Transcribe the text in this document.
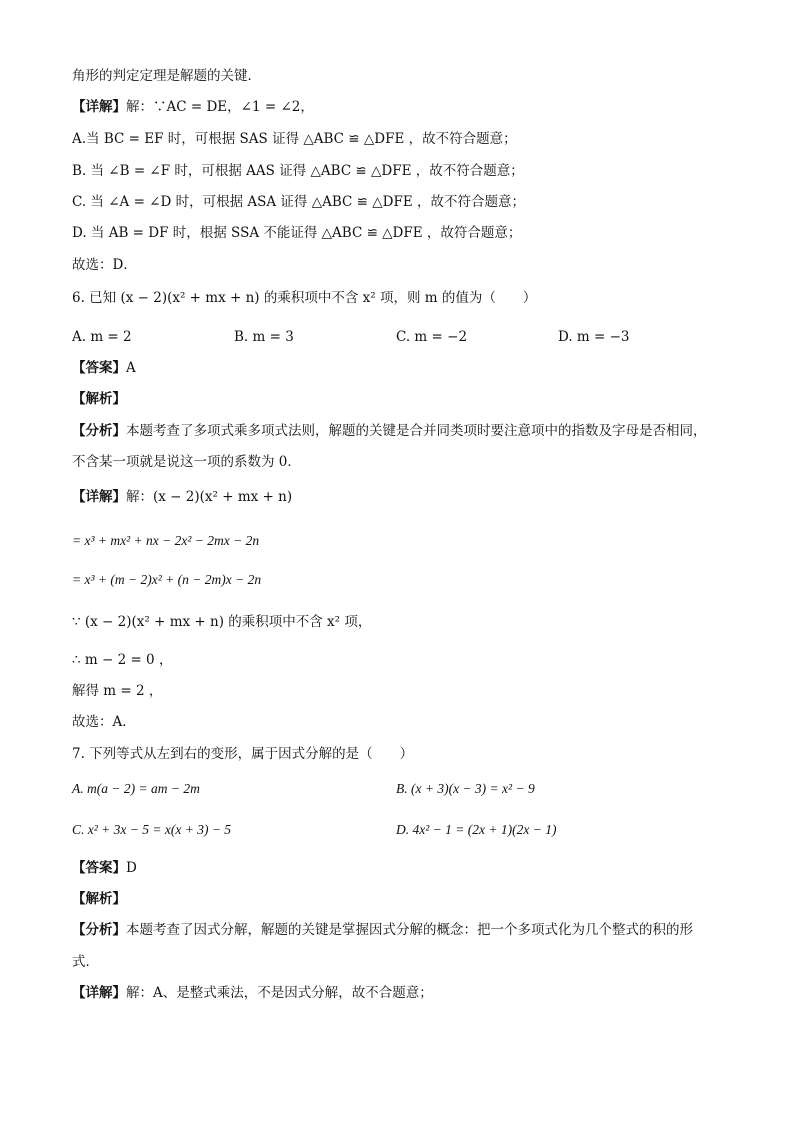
角形的判定定理是解题的关键．
【详解】解：∵AC = DE，∠1 = ∠2，
A.当 BC = EF 时，可根据 SAS 证得 △ABC ≌ △DFE ，故不符合题意；
B. 当 ∠B = ∠F 时，可根据 AAS 证得 △ABC ≌ △DFE ，故不符合题意；
C. 当 ∠A = ∠D 时，可根据 ASA 证得 △ABC ≌ △DFE ，故不符合题意；
D. 当 AB = DF 时，根据 SSA 不能证得 △ABC ≌ △DFE ，故符合题意；
故选：D．
6. 已知 (x − 2)(x² + mx + n) 的乘积项中不含 x² 项，则 m 的值为（　　）
A. m = 2	B. m = 3	C. m = −2	D. m = −3
【答案】A
【解析】
【分析】本题考查了多项式乘多项式法则，解题的关键是合并同类项时要注意项中的指数及字母是否相同，
不含某一项就是说这一项的系数为 0．
【详解】解：(x − 2)(x² + mx + n)
= x³ + mx² + nx − 2x² − 2mx − 2n
= x³ + (m − 2)x² + (n − 2m)x − 2n
∵ (x − 2)(x² + mx + n) 的乘积项中不含 x² 项，
∴ m − 2 = 0 ，
解得 m = 2 ，
故选：A．
7. 下列等式从左到右的变形，属于因式分解的是（　　）
A. m(a − 2) = am − 2m	B. (x + 3)(x − 3) = x² − 9
C. x² + 3x − 5 = x(x + 3) − 5	D. 4x² − 1 = (2x + 1)(2x − 1)
【答案】D
【解析】
【分析】本题考查了因式分解，解题的关键是掌握因式分解的概念：把一个多项式化为几个整式的积的形
式．
【详解】解：A、是整式乘法，不是因式分解，故不合题意；
